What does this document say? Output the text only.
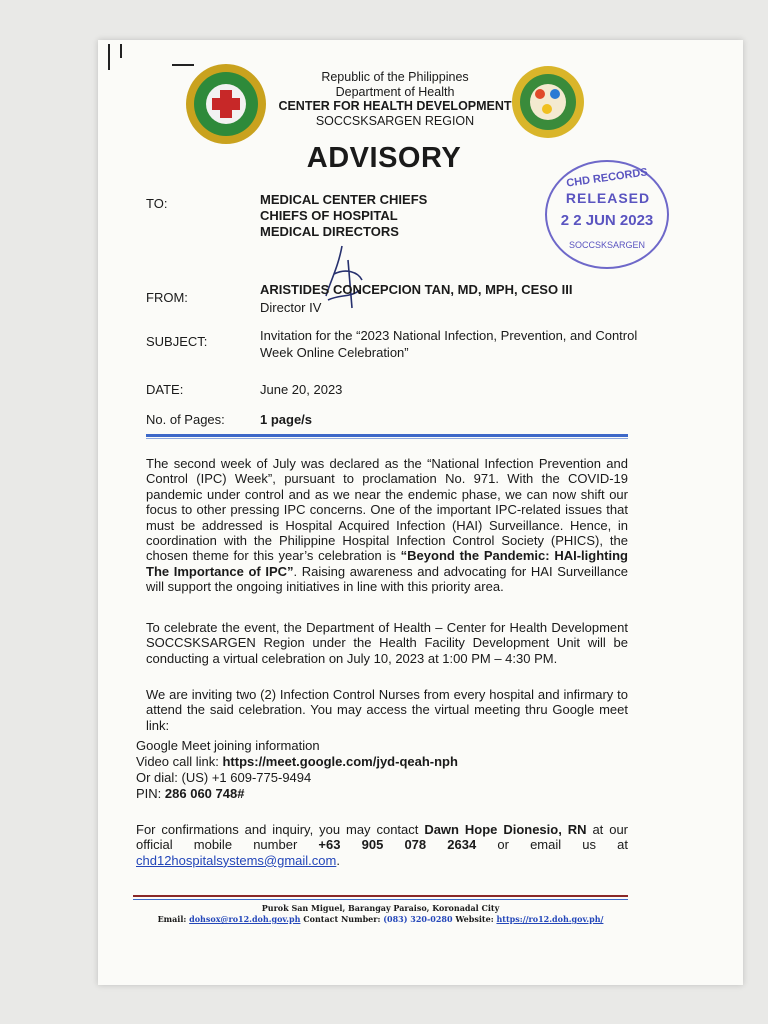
Republic of the Philippines
Department of Health
CENTER FOR HEALTH DEVELOPMENT
SOCCSKSARGEN REGION
ADVISORY
CHD RECORDS
RELEASED
2 2 JUN 2023
SOCCSKSARGEN
TO:	MEDICAL CENTER CHIEFS
CHIEFS OF HOSPITAL
MEDICAL DIRECTORS
FROM:
ARISTIDES CONCEPCION TAN, MD, MPH, CESO III
Director IV
SUBJECT:	Invitation for the “2023 National Infection, Prevention, and Control
Week Online Celebration”
DATE:	June 20, 2023
No. of Pages:	1 page/s
The second week of July was declared as the “National Infection Prevention and Control (IPC) Week”, pursuant to proclamation No. 971. With the COVID-19 pandemic under control and as we near the endemic phase, we can now shift our focus to other pressing IPC concerns. One of the important IPC-related issues that must be addressed is Hospital Acquired Infection (HAI) Surveillance. Hence, in coordination with the Philippine Hospital Infection Control Society (PHICS), the chosen theme for this year’s celebration is “Beyond the Pandemic: HAI-lighting The Importance of IPC”. Raising awareness and advocating for HAI Surveillance will support the ongoing initiatives in line with this priority area.
To celebrate the event, the Department of Health – Center for Health Development SOCCSKSARGEN Region under the Health Facility Development Unit will be conducting a virtual celebration on July 10, 2023 at 1:00 PM – 4:30 PM.
We are inviting two (2) Infection Control Nurses from every hospital and infirmary to attend the said celebration. You may access the virtual meeting thru Google meet link:
Google Meet joining information
Video call link: https://meet.google.com/jyd-qeah-nph
Or dial: (US) +1 609-775-9494
PIN: 286 060 748#
For confirmations and inquiry, you may contact Dawn Hope Dionesio, RN at our official mobile number +63 905 078 2634 or email us at chd12hospitalsystems@gmail.com.
Purok San Miguel, Barangay Paraiso, Koronadal City
Email: dohsox@ro12.doh.gov.ph Contact Number: (083) 320-0280 Website: https://ro12.doh.gov.ph/
